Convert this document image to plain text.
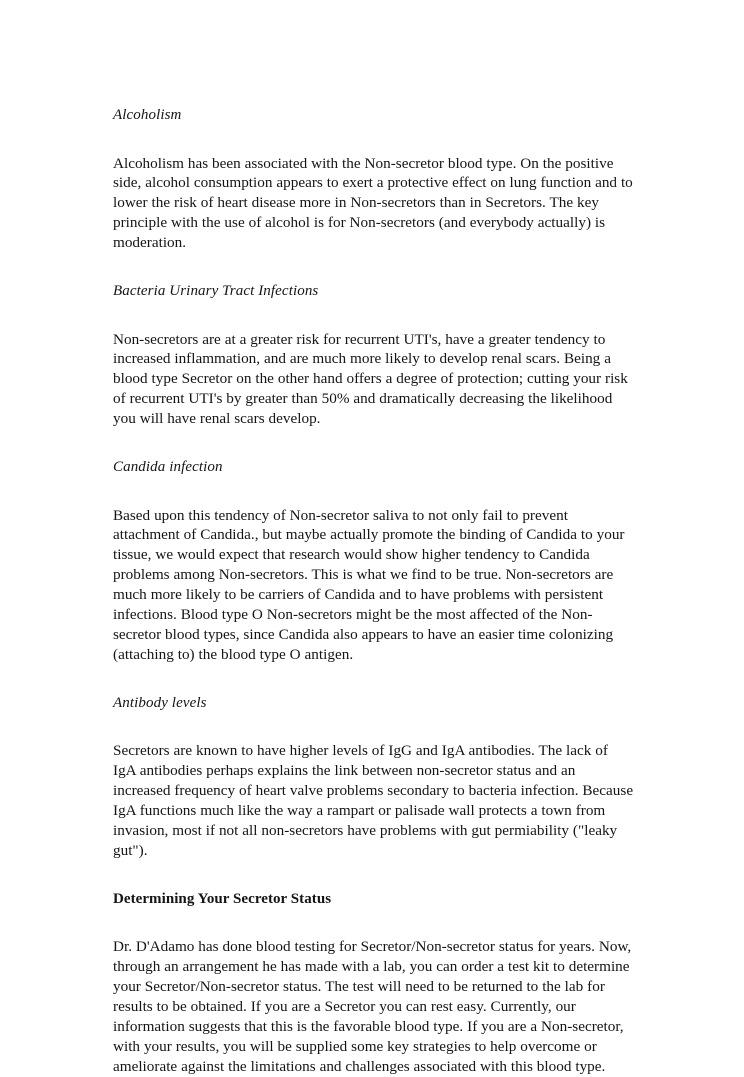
Alcoholism

Alcoholism has been associated with the Non-secretor blood type. On the positive side, alcohol consumption appears to exert a protective effect on lung function and to lower the risk of heart disease more in Non-secretors than in Secretors. The key principle with the use of alcohol is for Non-secretors (and everybody actually) is moderation.

Bacteria Urinary Tract Infections

Non-secretors are at a greater risk for recurrent UTI's, have a greater tendency to increased inflammation, and are much more likely to develop renal scars. Being a blood type Secretor on the other hand offers a degree of protection; cutting your risk of recurrent UTI's by greater than 50% and dramatically decreasing the likelihood you will have renal scars develop.

Candida infection

Based upon this tendency of Non-secretor saliva to not only fail to prevent attachment of Candida., but maybe actually promote the binding of Candida to your tissue, we would expect that research would show higher tendency to Candida problems among Non-secretors. This is what we find to be true. Non-secretors are much more likely to be carriers of Candida and to have problems with persistent infections. Blood type O Non-secretors might be the most affected of the Non-secretor blood types, since Candida also appears to have an easier time colonizing (attaching to) the blood type O antigen.

Antibody levels

Secretors are known to have higher levels of IgG and IgA antibodies. The lack of IgA antibodies perhaps explains the link between non-secretor status and an increased frequency of heart valve problems secondary to bacteria infection. Because IgA functions much like the way a rampart or palisade wall protects a town from invasion, most if not all non-secretors have problems with gut permiability ("leaky gut").

Determining Your Secretor Status

Dr. D'Adamo has done blood testing for Secretor/Non-secretor status for years. Now, through an arrangement he has made with a lab, you can order a test kit to determine your Secretor/Non-secretor status. The test will need to be returned to the lab for results to be obtained. If you are a Secretor you can rest easy. Currently, our information suggests that this is the favorable blood type. If you are a Non-secretor, with your results, you will be supplied some key strategies to help overcome or ameliorate against the limitations and challenges associated with this blood type.
